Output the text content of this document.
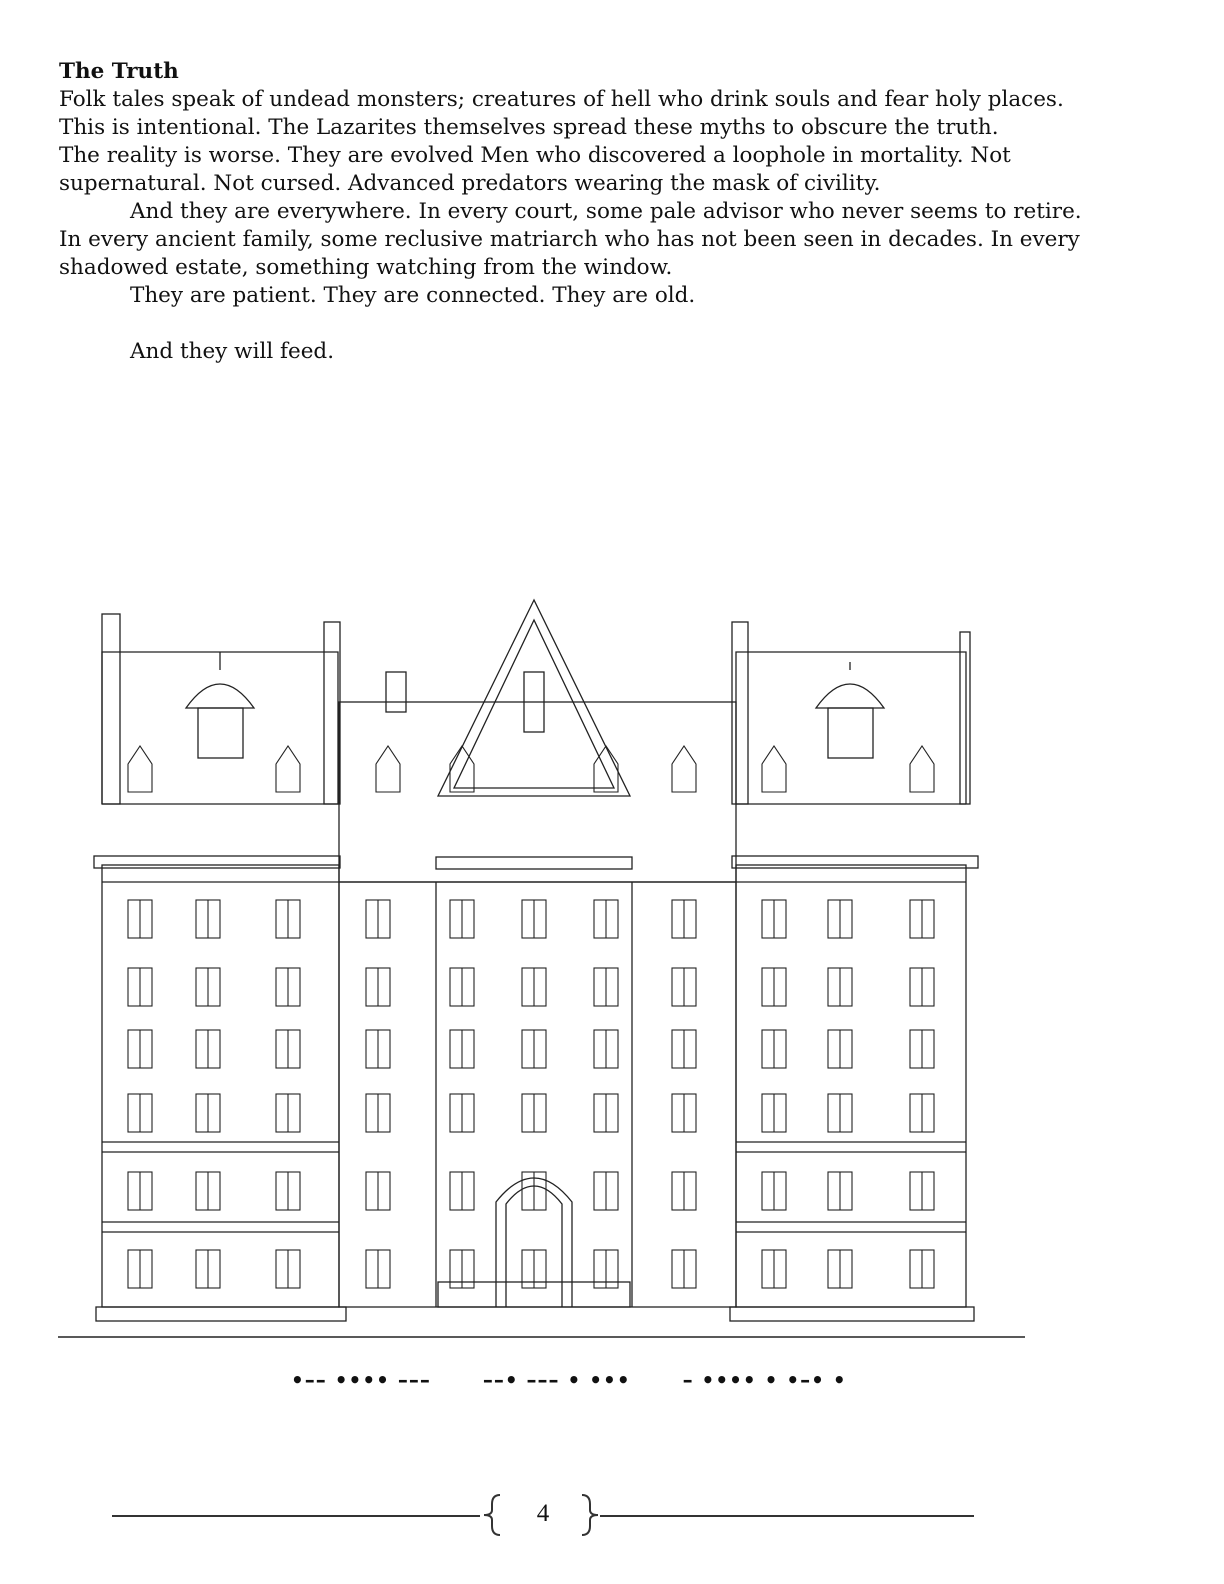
The Truth
Folk tales speak of undead monsters; creatures of hell who drink souls and fear holy places.
This is intentional. The Lazarites themselves spread these myths to obscure the truth.
The reality is worse. They are evolved Men who discovered a loophole in mortality. Not
supernatural. Not cursed. Advanced predators wearing the mask of civility.
And they are everywhere. In every court, some pale advisor who never seems to retire.
In every ancient family, some reclusive matriarch who has not been seen in decades. In every
shadowed estate, something watching from the window.
They are patient. They are connected. They are old.
And they will feed.
•–– •••• –––	––• ––– • •••	– •••• • •–• •
4
